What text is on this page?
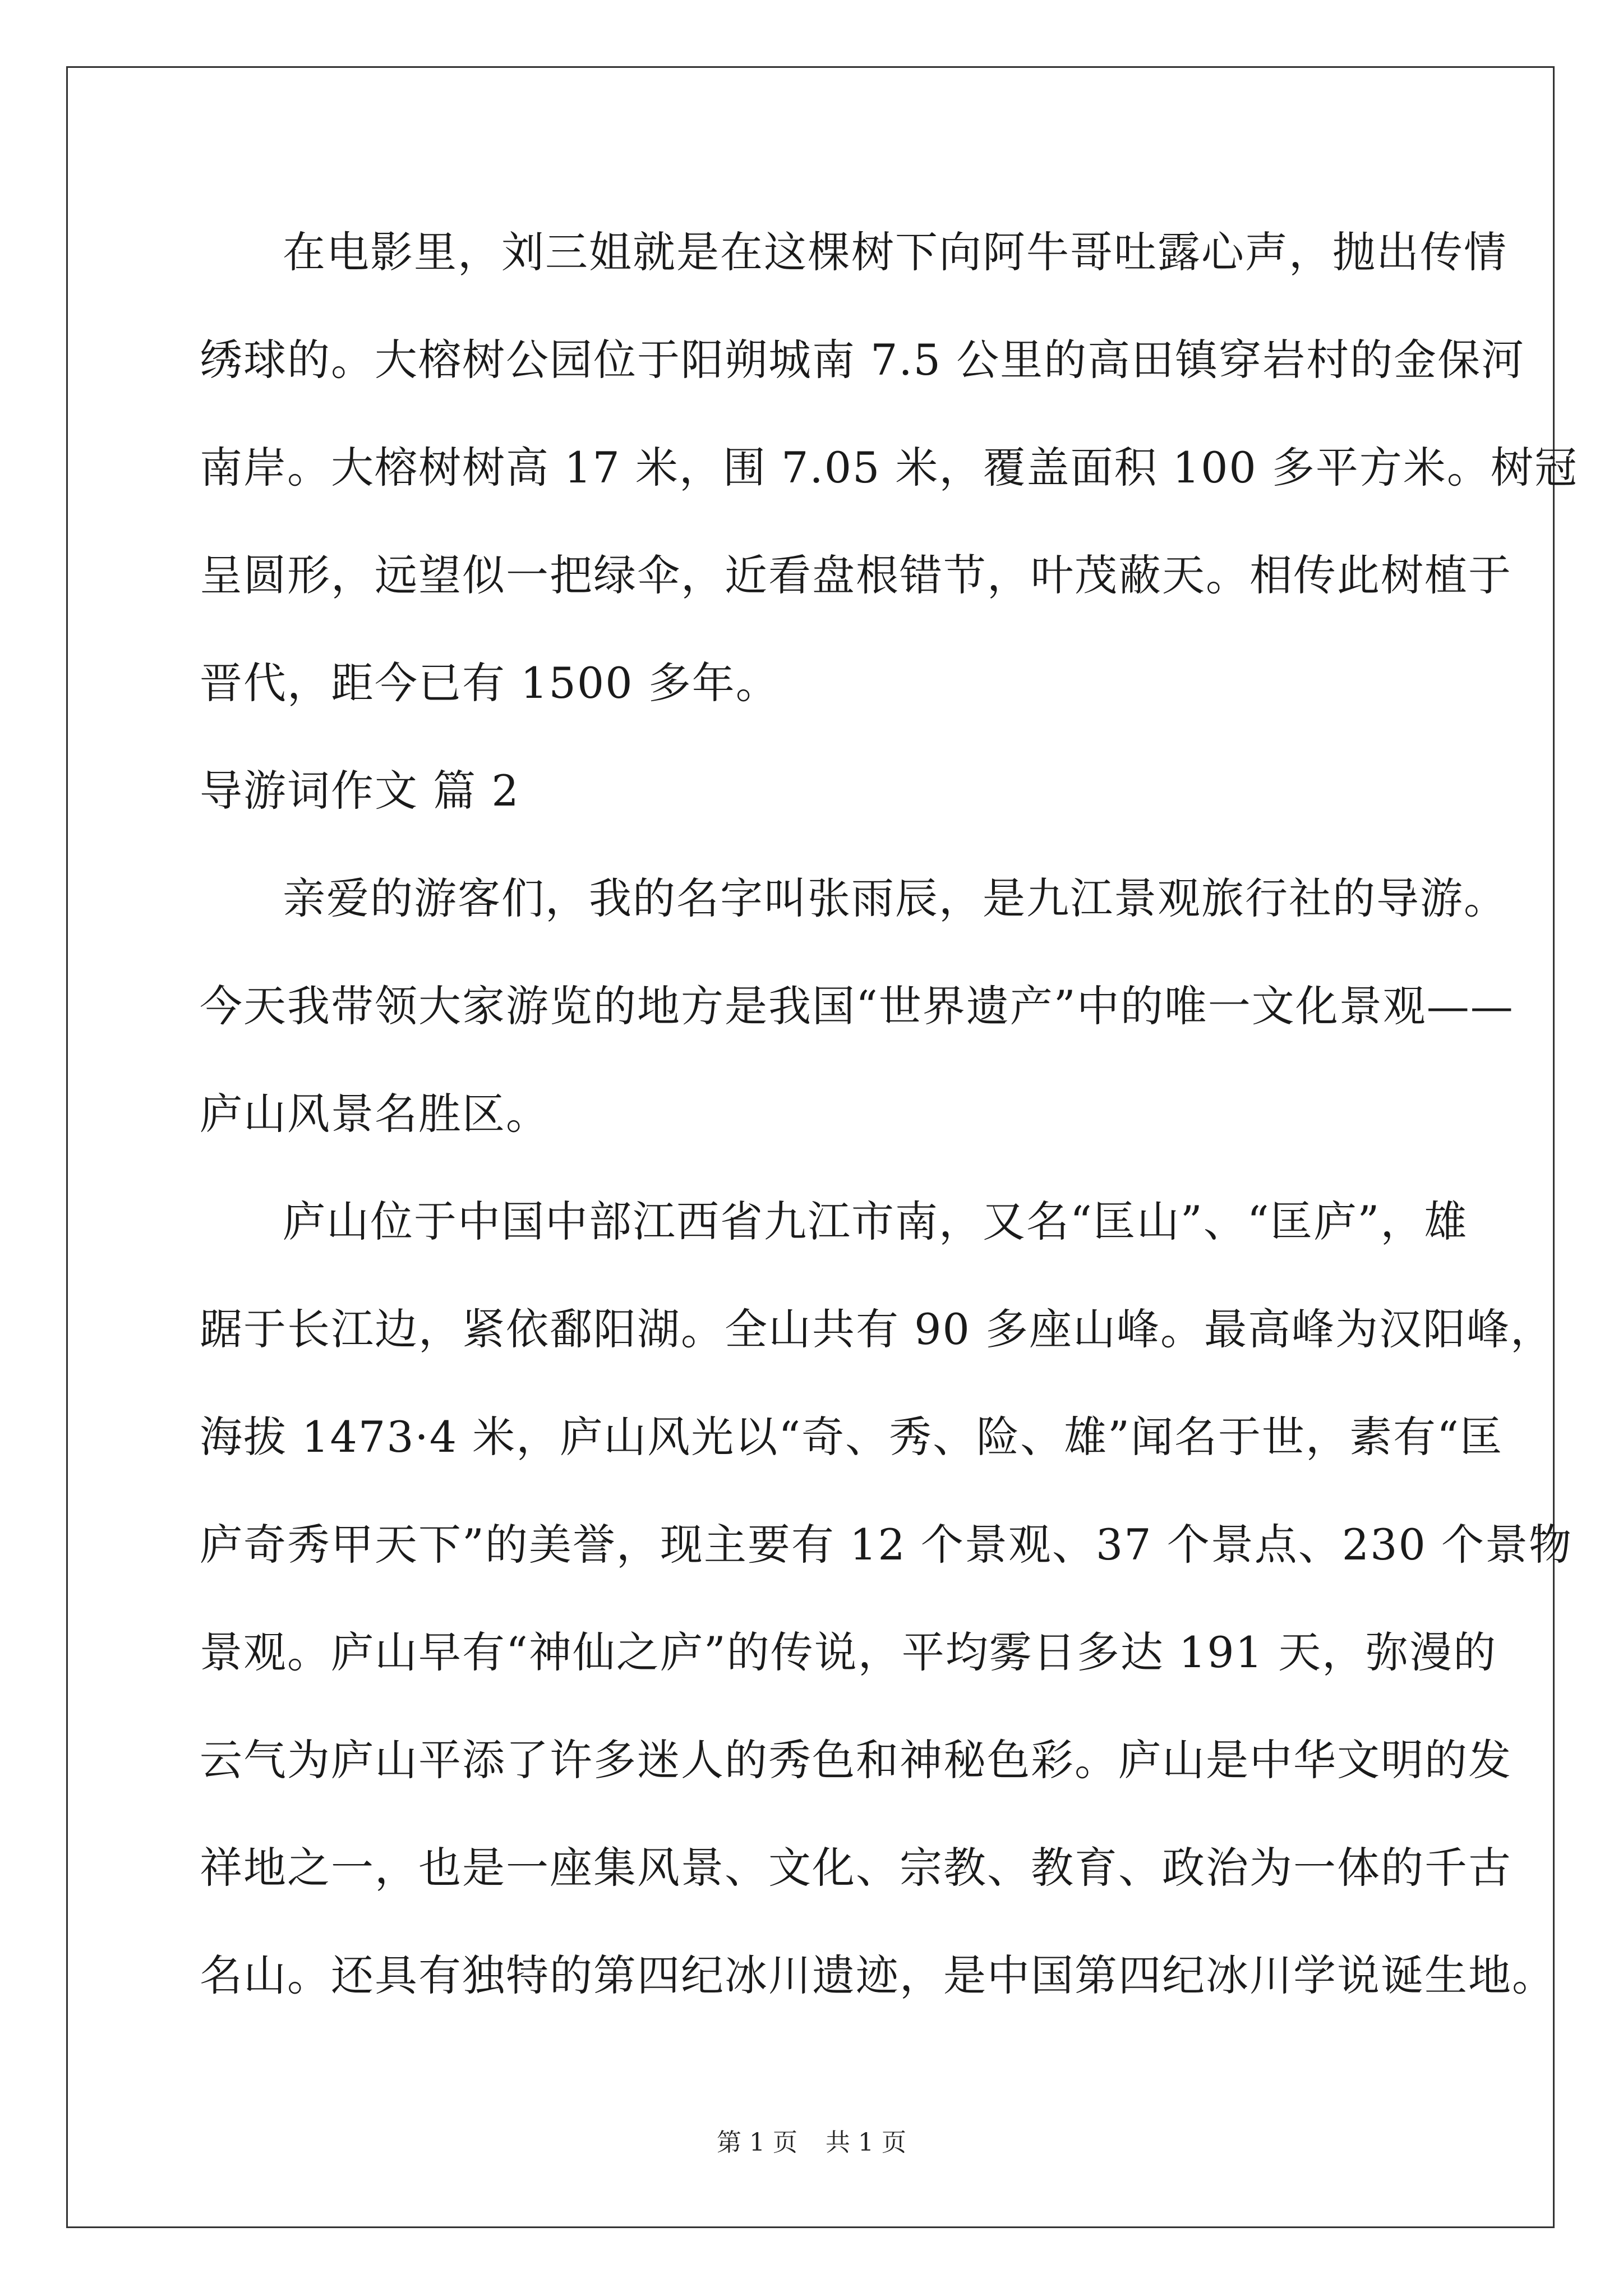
在电影里，刘三姐就是在这棵树下向阿牛哥吐露心声，抛出传情
绣球的。大榕树公园位于阳朔城南 7.5 公里的高田镇穿岩村的金保河
南岸。大榕树树高 17 米，围 7.05 米，覆盖面积 100 多平方米。树冠
呈圆形，远望似一把绿伞，近看盘根错节，叶茂蔽天。相传此树植于
晋代，距今已有 1500 多年。
导游词作文 篇 2
亲爱的游客们，我的名字叫张雨辰，是九江景观旅行社的导游。
今天我带领大家游览的地方是我国“世界遗产”中的唯一文化景观——
庐山风景名胜区。
庐山位于中国中部江西省九江市南，又名“匡山”、“匡庐”，雄
踞于长江边，紧依鄱阳湖。全山共有 90 多座山峰。最高峰为汉阳峰，
海拔 1473·4 米，庐山风光以“奇、秀、险、雄”闻名于世，素有“匡
庐奇秀甲天下”的美誉，现主要有 12 个景观、37 个景点、230 个景物
景观。庐山早有“神仙之庐”的传说，平均雾日多达 191 天，弥漫的
云气为庐山平添了许多迷人的秀色和神秘色彩。庐山是中华文明的发
祥地之一，也是一座集风景、文化、宗教、教育、政治为一体的千古
名山。还具有独特的第四纪冰川遗迹，是中国第四纪冰川学说诞生地。
第 1 页 共 1 页
